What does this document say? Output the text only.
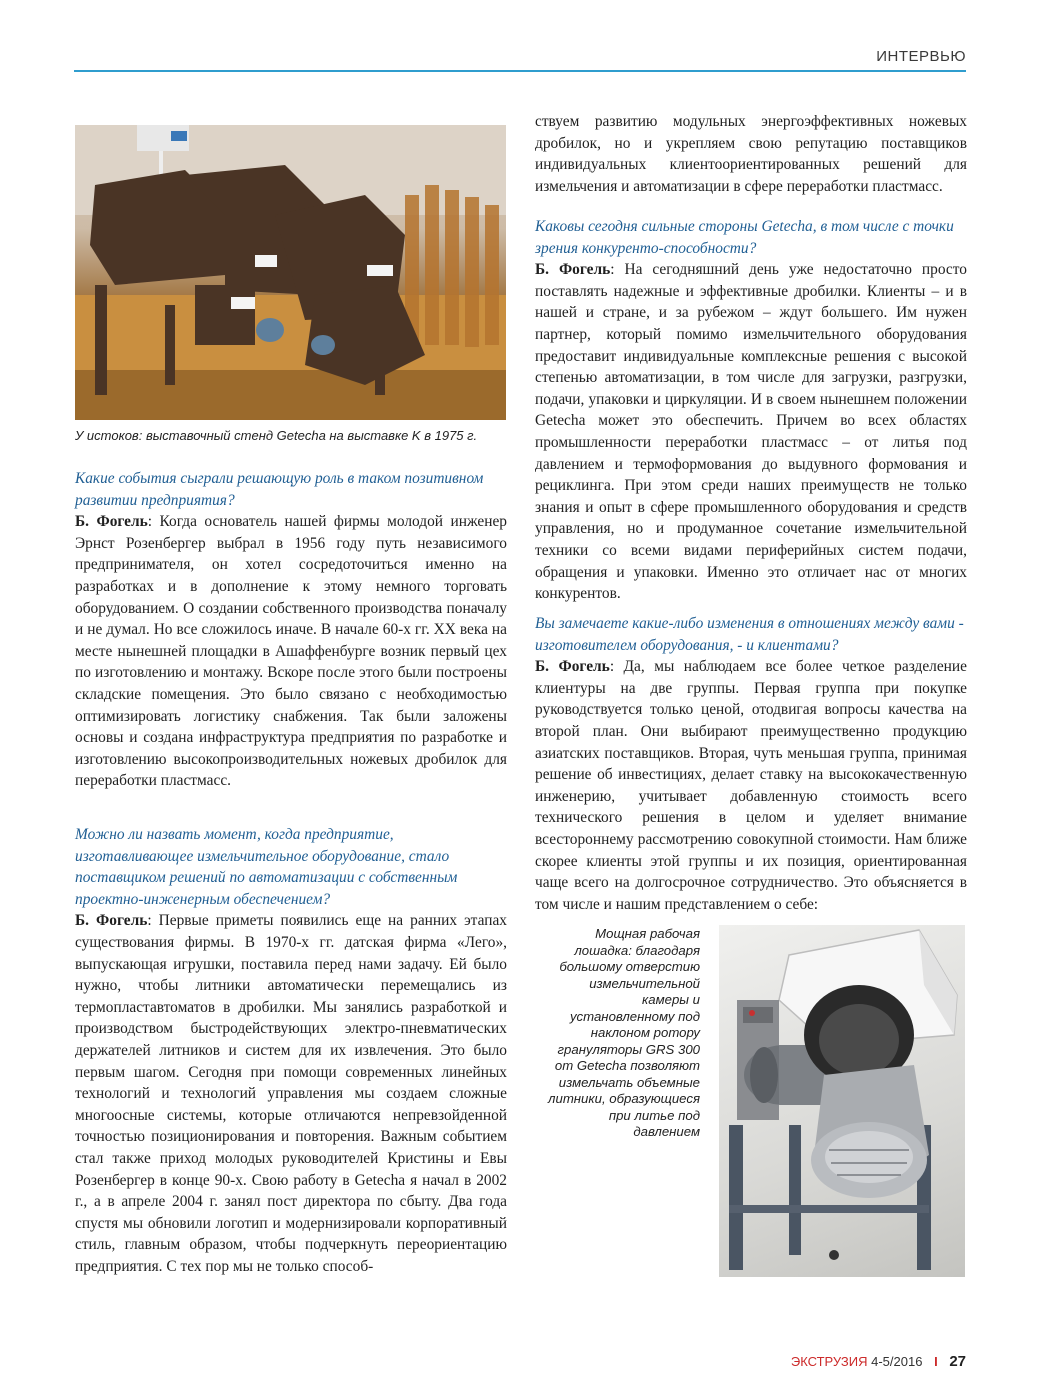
ИНТЕРВЬЮ
У истоков: выставочный стенд Getecha на выставке K в 1975 г.

Какие события сыграли решающую роль в таком позитивном развитии предприятия?

Б. Фогель: Когда основатель нашей фирмы молодой инженер Эрнст Розенбергер выбрал в 1956 году путь независимого предпринимателя, он хотел сосредоточиться именно на разработках и в дополнение к этому немного торговать оборудованием. О создании собственного производства поначалу и не думал. Но все сложилось иначе. В начале 60-х гг. XX века на месте нынешней площадки в Ашаффенбурге возник первый цех по изготовлению и монтажу. Вскоре после этого были построены складские помещения. Это было связано с необходимостью оптимизировать логистику снабжения. Так были заложены основы и создана инфраструктура предприятия по разработке и изготовлению высокопроизводительных ножевых дробилок для переработки пластмасс.

Можно ли назвать момент, когда предприятие, изготавливающее измельчительное оборудование, стало поставщиком решений по автоматизации с собственным проектно-инженерным обеспечением?

Б. Фогель: Первые приметы появились еще на ранних этапах существования фирмы. В 1970-х гг. датская фирма «Лего», выпускающая игрушки, поставила перед нами задачу. Ей было нужно, чтобы литники автоматически перемещались из термопластавтоматов в дробилки. Мы занялись разработкой и производством быстродействующих электро-пневматических держателей литников и систем для их извлечения. Это было первым шагом. Сегодня при помощи современных линейных технологий и технологий управления мы создаем сложные многоосные системы, которые отличаются непревзойденной точностью позиционирования и повторения. Важным событием стал также приход молодых руководителей Кристины и Евы Розенбергер в конце 90-х. Свою работу в Getecha я начал в 2002 г., а в апреле 2004 г. занял пост директора по сбыту. Два года спустя мы обновили логотип и модернизировали корпоративный стиль, главным образом, чтобы подчеркнуть переориентацию предприятия. С тех пор мы не только способ-

ствуем развитию модульных энергоэффективных ножевых дробилок, но и укрепляем свою репутацию поставщиков индивидуальных клиентоориентированных решений для измельчения и автоматизации в сфере переработки пластмасс.

Каковы сегодня сильные стороны Getecha, в том числе с точки зрения конкуренто-способности?

Б. Фогель: На сегодняшний день уже недостаточно просто поставлять надежные и эффективные дробилки. Клиенты – и в нашей и стране, и за рубежом – ждут большего. Им нужен партнер, который помимо измельчительного оборудования предоставит индивидуальные комплексные решения с высокой степенью автоматизации, в том числе для загрузки, разгрузки, подачи, упаковки и циркуляции. И в своем нынешнем положении Getecha может это обеспечить. Причем во всех областях промышленности переработки пластмасс – от литья под давлением и термоформования до выдувного формования и рециклинга. При этом среди наших преимуществ не только знания и опыт в сфере промышленного оборудования и средств управления, но и продуманное сочетание измельчительной техники со всеми видами периферийных систем подачи, обращения и упаковки. Именно это отличает нас от многих конкурентов.

Вы замечаете какие-либо изменения в отношениях между вами - изготовителем оборудования, - и клиентами?

Б. Фогель: Да, мы наблюдаем все более четкое разделение клиентуры на две группы. Первая группа при покупке руководствуется только ценой, отодвигая вопросы качества на второй план. Они выбирают преимущественно продукцию азиатских поставщиков. Вторая, чуть меньшая группа, принимая решение об инвестициях, делает ставку на высококачественную инженерию, учитывает добавленную стоимость всего технического решения в целом и уделяет внимание всестороннему рассмотрению совокупной стоимости. Нам ближе скорее клиенты этой группы и их позиция, ориентированная чаще всего на долгосрочное сотрудничество. Это объясняется в том числе и нашим представлением о себе:

Мощная рабочая лошадка: благодаря большому отверстию измельчительной камеры и установленному под наклоном ротору грануляторы GRS 300 от Getecha позволяют измельчать объемные литники, образующиеся при литье под давлением
ЭКСТРУЗИЯ 4-5/2016 I 27
